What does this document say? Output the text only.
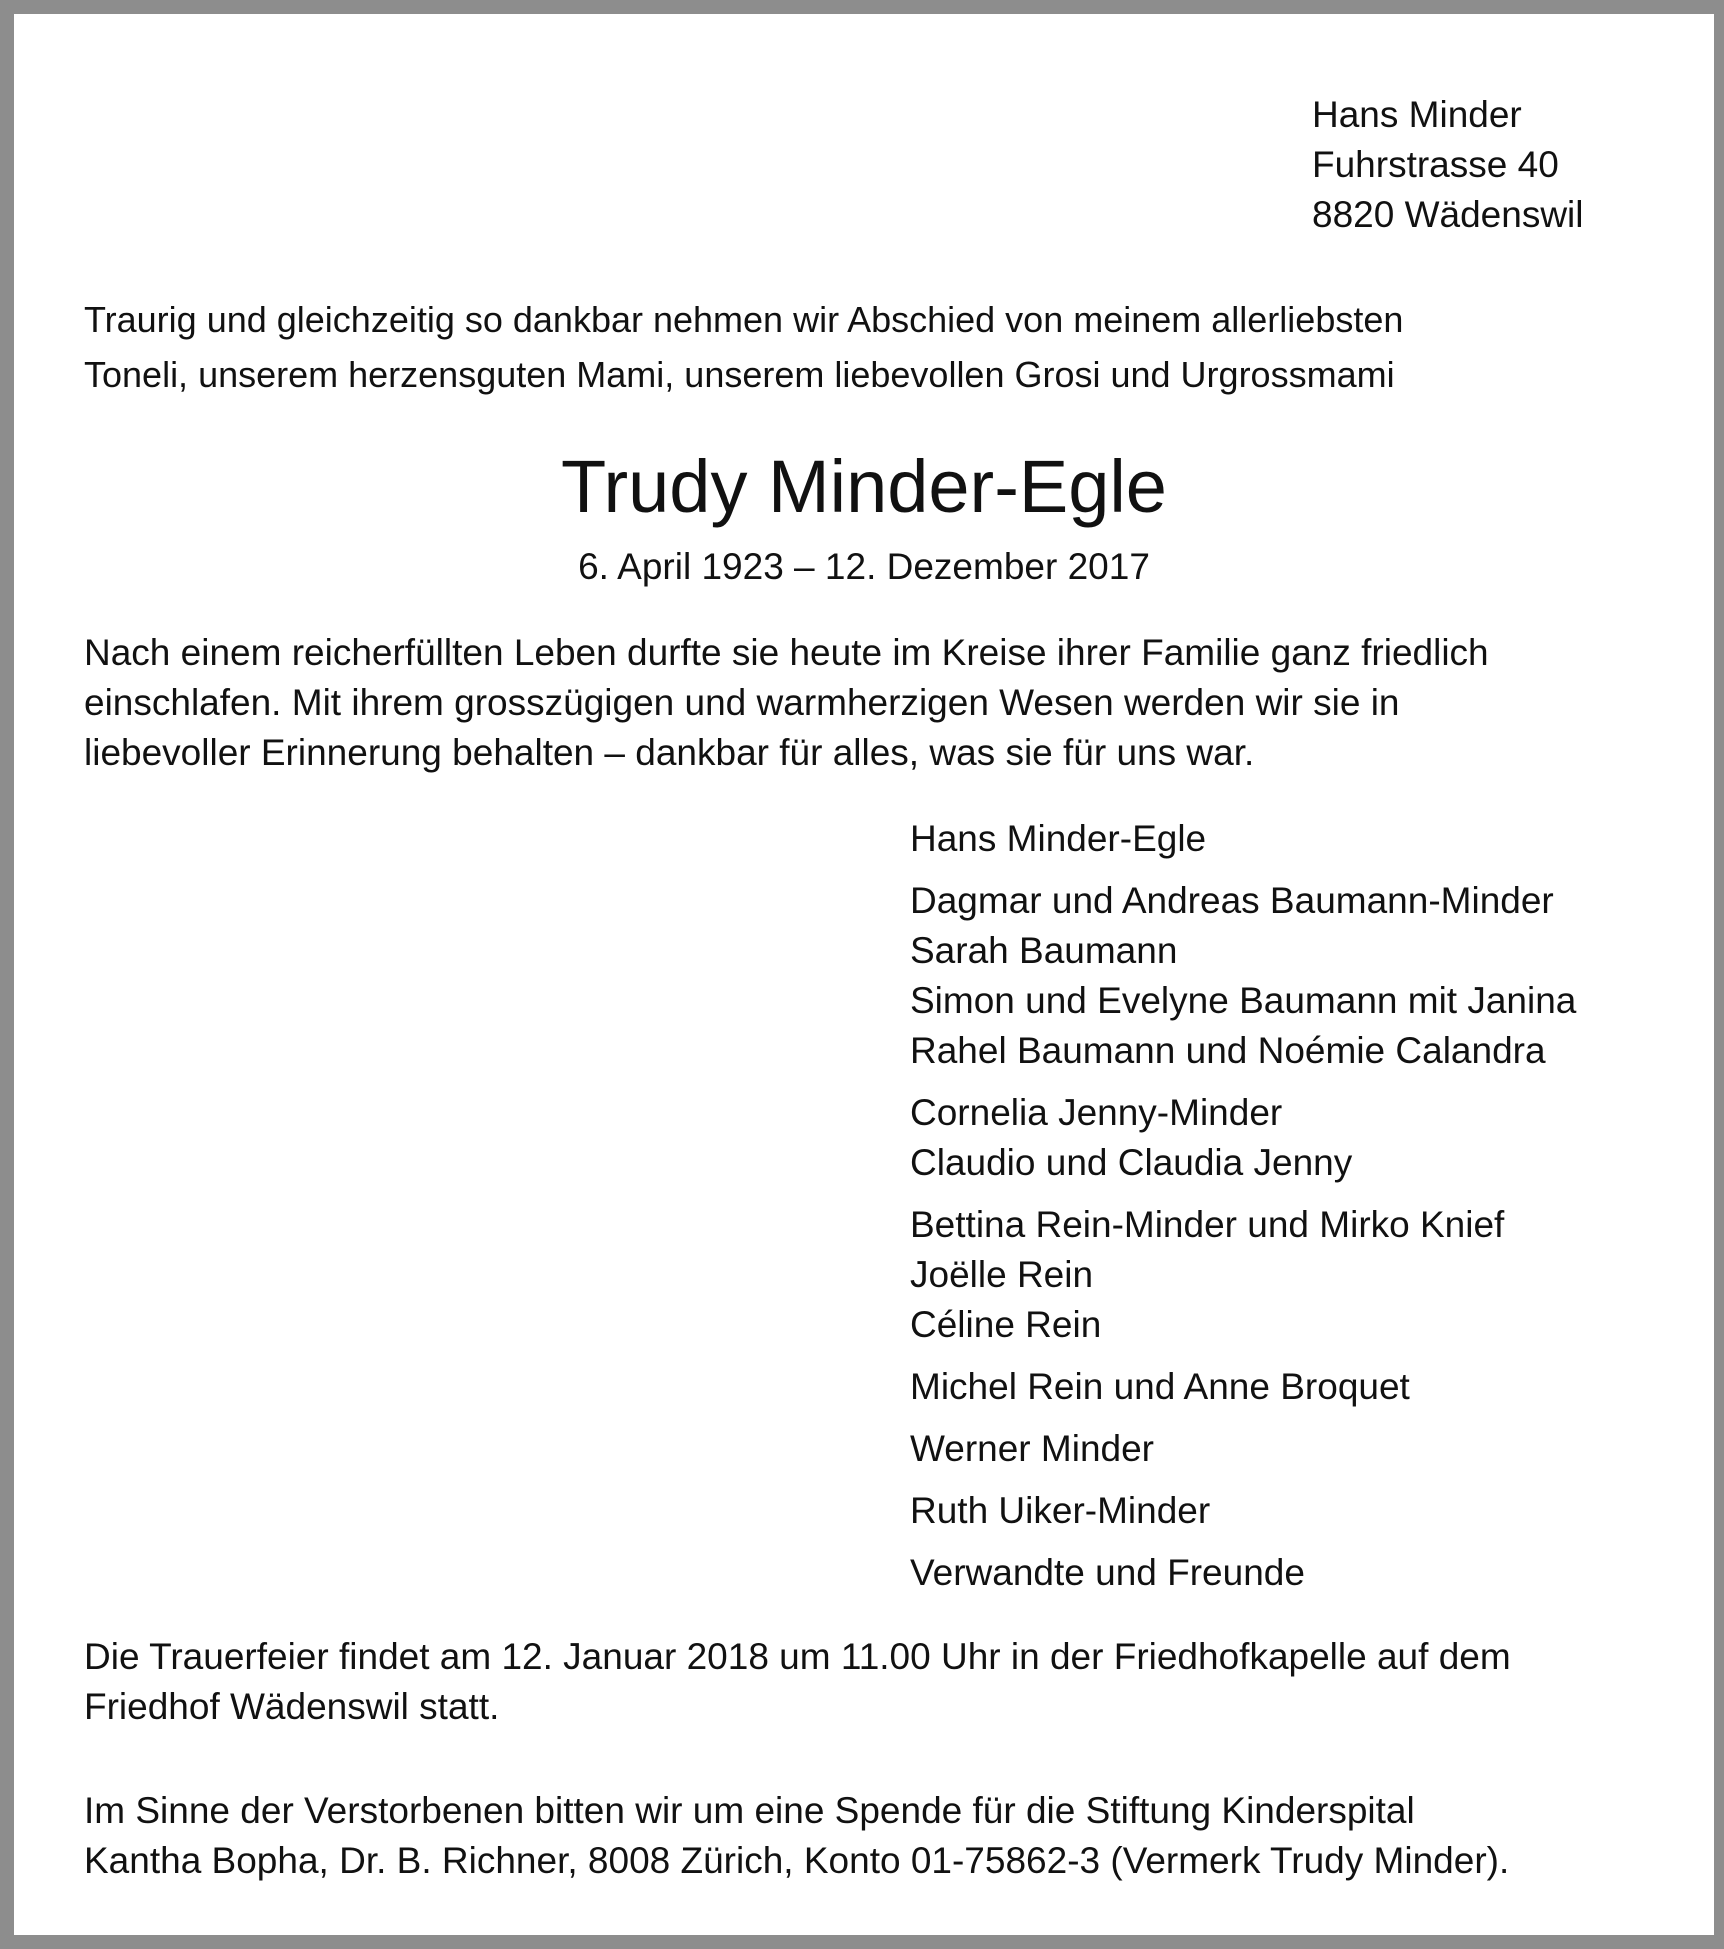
Hans Minder
Fuhrstrasse 40
8820 Wädenswil
Traurig und gleichzeitig so dankbar nehmen wir Abschied von meinem allerliebsten
Toneli, unserem herzensguten Mami, unserem liebevollen Grosi und Urgrossmami
Trudy Minder-Egle
6. April 1923 – 12. Dezember 2017
Nach einem reicherfüllten Leben durfte sie heute im Kreise ihrer Familie ganz friedlich
einschlafen. Mit ihrem grosszügigen und warmherzigen Wesen werden wir sie in
liebevoller Erinnerung behalten – dankbar für alles, was sie für uns war.
Hans Minder-Egle
Dagmar und Andreas Baumann-Minder
Sarah Baumann
Simon und Evelyne Baumann mit Janina
Rahel Baumann und Noémie Calandra
Cornelia Jenny-Minder
Claudio und Claudia Jenny
Bettina Rein-Minder und Mirko Knief
Joëlle Rein
Céline Rein
Michel Rein und Anne Broquet
Werner Minder
Ruth Uiker-Minder
Verwandte und Freunde
Die Trauerfeier findet am 12. Januar 2018 um 11.00 Uhr in der Friedhofkapelle auf dem
Friedhof Wädenswil statt.
Im Sinne der Verstorbenen bitten wir um eine Spende für die Stiftung Kinderspital
Kantha Bopha, Dr. B. Richner, 8008 Zürich, Konto 01-75862-3 (Vermerk Trudy Minder).
